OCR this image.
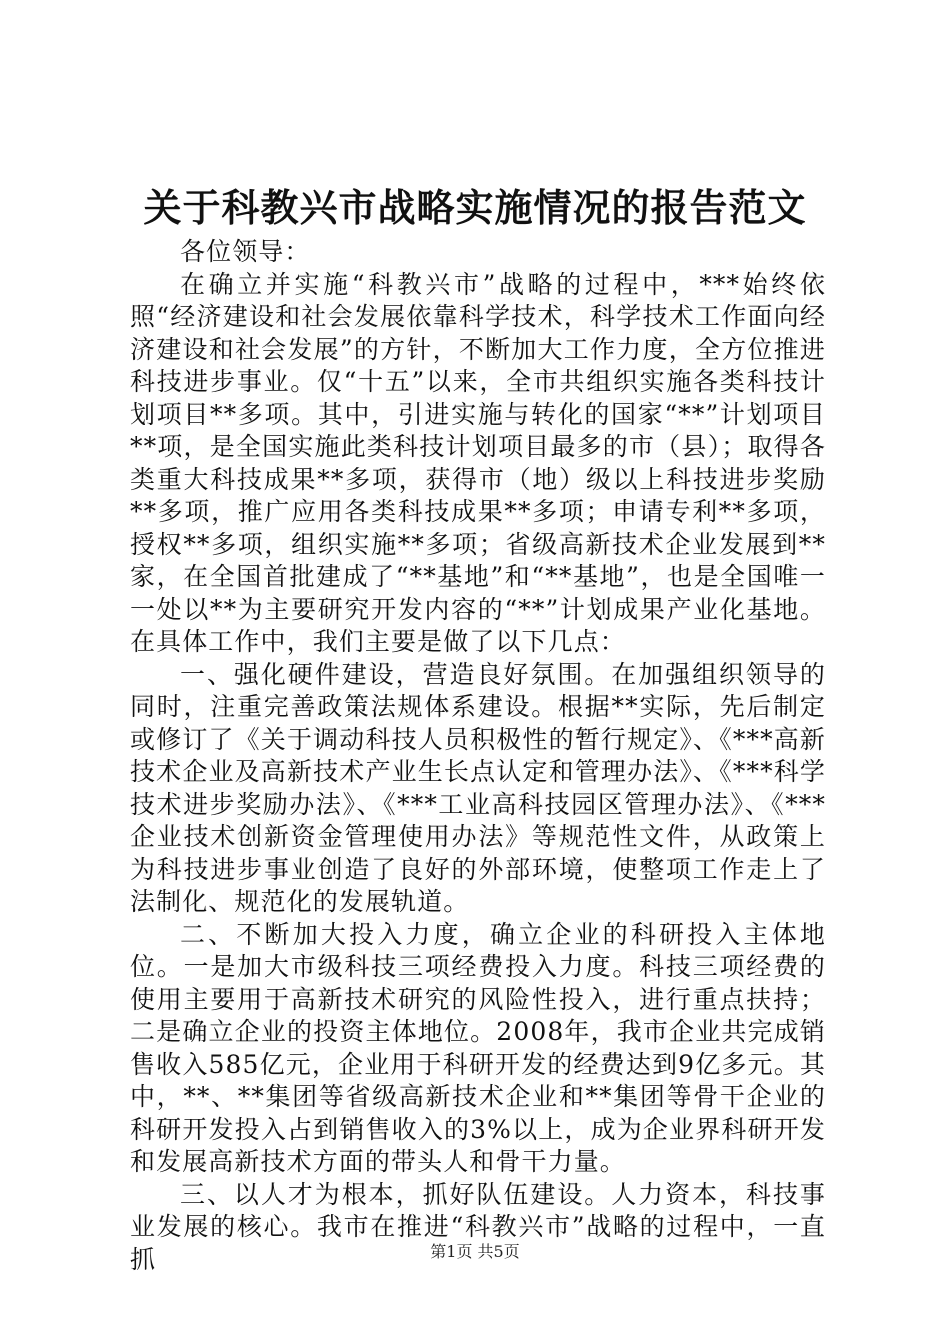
关于科教兴市战略实施情况的报告范文

各位领导：

在确立并实施“科教兴市”战略的过程中，***始终依照“经济建设和社会发展依靠科学技术，科学技术工作面向经济建设和社会发展”的方针，不断加大工作力度，全方位推进科技进步事业。仅“十五”以来，全市共组织实施各类科技计划项目**多项。其中，引进实施与转化的国家“**”计划项目**项，是全国实施此类科技计划项目最多的市（县）；取得各类重大科技成果**多项，获得市（地）级以上科技进步奖励**多项，推广应用各类科技成果**多项；申请专利**多项，授权**多项，组织实施**多项；省级高新技术企业发展到**家，在全国首批建成了“**基地”和“**基地”，也是全国唯一一处以**为主要研究开发内容的“**”计划成果产业化基地。在具体工作中，我们主要是做了以下几点：

一、强化硬件建设，营造良好氛围。在加强组织领导的同时，注重完善政策法规体系建设。根据**实际，先后制定或修订了《关于调动科技人员积极性的暂行规定》、《***高新技术企业及高新技术产业生长点认定和管理办法》、《***科学技术进步奖励办法》、《***工业高科技园区管理办法》、《***企业技术创新资金管理使用办法》等规范性文件，从政策上为科技进步事业创造了良好的外部环境，使整项工作走上了法制化、规范化的发展轨道。

二、不断加大投入力度，确立企业的科研投入主体地位。一是加大市级科技三项经费投入力度。科技三项经费的使用主要用于高新技术研究的风险性投入，进行重点扶持；二是确立企业的投资主体地位。2008年，我市企业共完成销售收入585亿元，企业用于科研开发的经费达到9亿多元。其中，**、**集团等省级高新技术企业和**集团等骨干企业的科研开发投入占到销售收入的3%以上，成为企业界科研开发和发展高新技术方面的带头人和骨干力量。

三、以人才为根本，抓好队伍建设。人力资本，科技事业发展的核心。我市在推进“科教兴市”战略的过程中，一直抓	第1页 共5页
